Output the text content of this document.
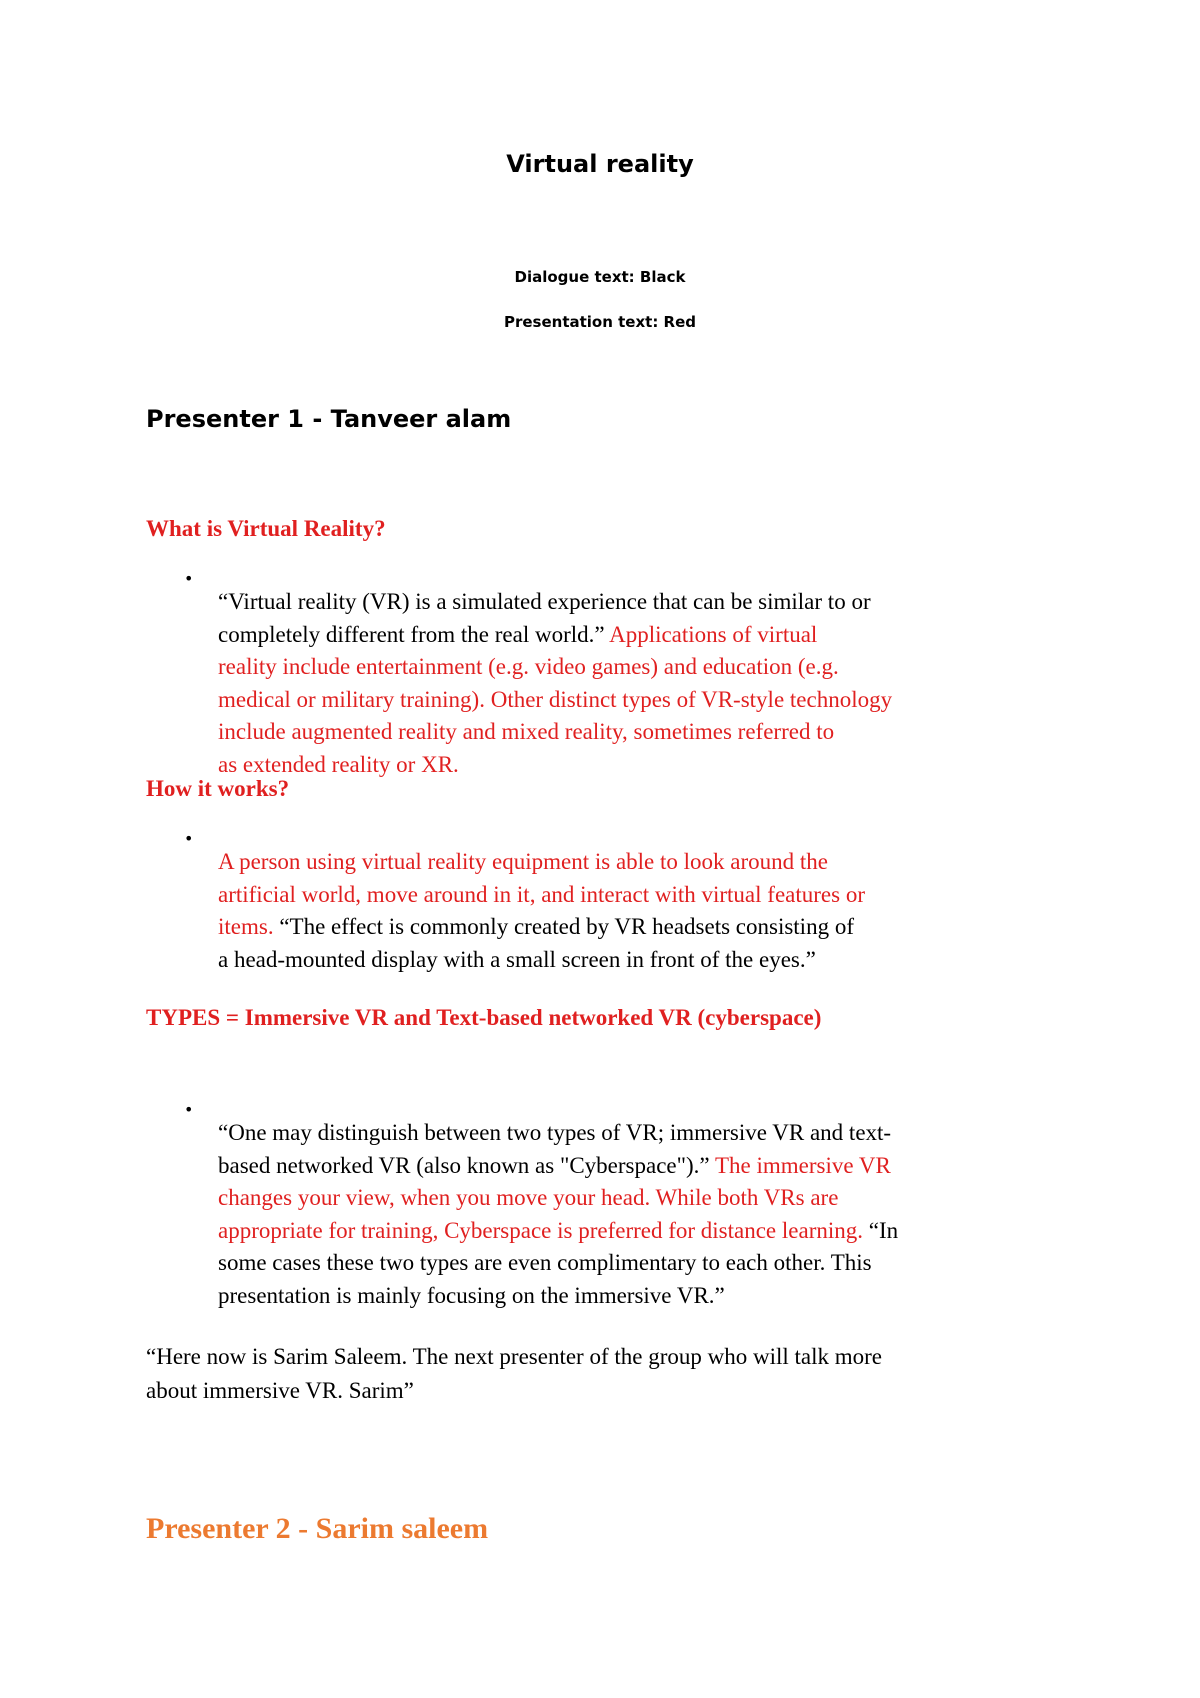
Virtual reality

Dialogue text: Black

Presentation text: Red

Presenter 1 - Tanveer alam
What is Virtual Reality?
•

“Virtual reality (VR) is a simulated experience that can be similar to or
completely different from the real world.” Applications of virtual
reality include entertainment (e.g. video games) and education (e.g.
medical or military training). Other distinct types of VR-style technology
include augmented reality and mixed reality, sometimes referred to
as extended reality or XR.

How it works?
•

A person using virtual reality equipment is able to look around the
artificial world, move around in it, and interact with virtual features or
items. “The effect is commonly created by VR headsets consisting of
a head-mounted display with a small screen in front of the eyes.”

TYPES = Immersive VR and Text-based networked VR (cyberspace)
•

“One may distinguish between two types of VR; immersive VR and text-
based networked VR (also known as "Cyberspace").” The immersive VR
changes your view, when you move your head. While both VRs are
appropriate for training, Cyberspace is preferred for distance learning. “In
some cases these two types are even complimentary to each other. This
presentation is mainly focusing on the immersive VR.”

“Here now is Sarim Saleem. The next presenter of the group who will talk more
about immersive VR. Sarim”

Presenter 2 - Sarim saleem
